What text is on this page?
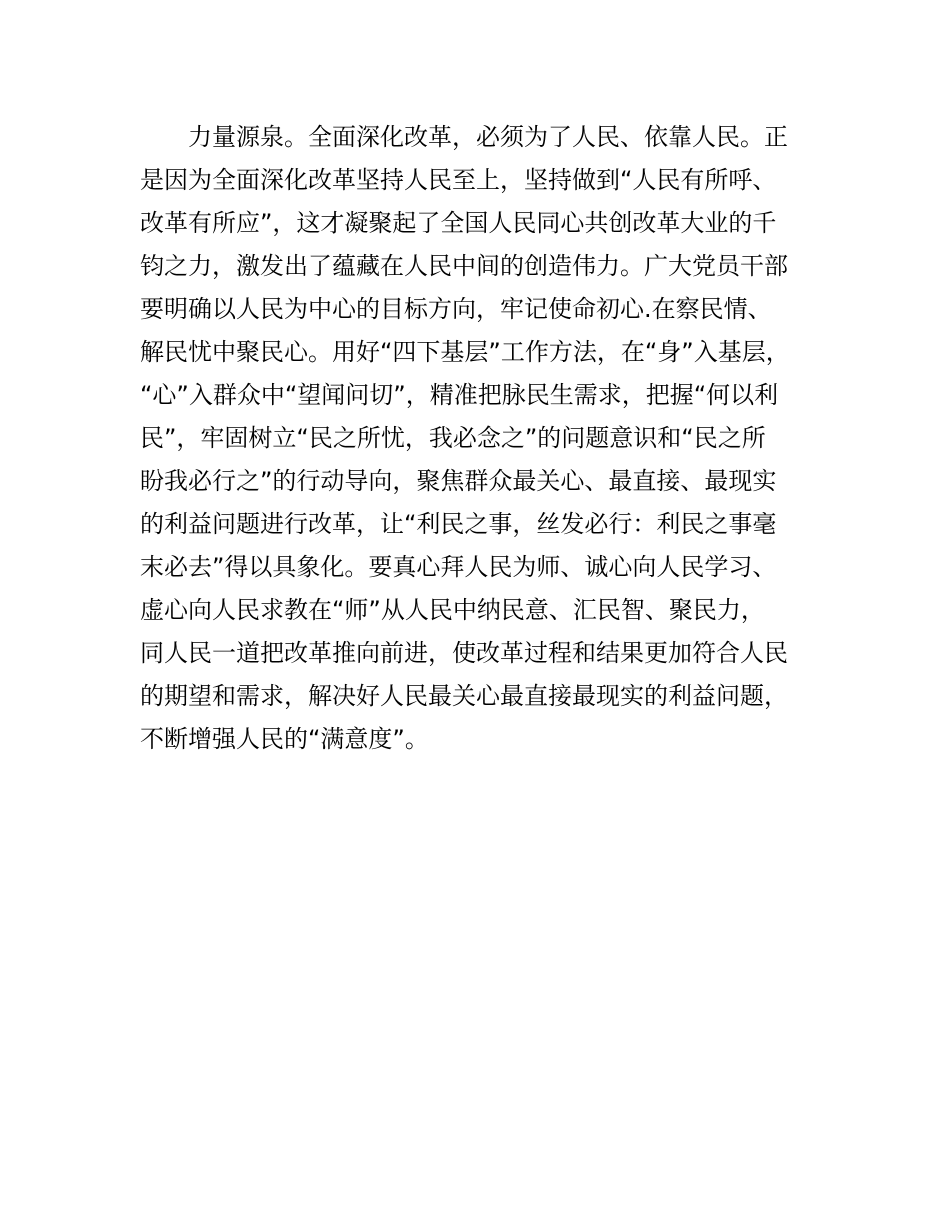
力量源泉。全面深化改革，必须为了人民、依靠人民。正
是因为全面深化改革坚持人民至上，坚持做到“人民有所呼、
改革有所应”，这才凝聚起了全国人民同心共创改革大业的千
钧之力，激发出了蕴藏在人民中间的创造伟力。广大党员干部
要明确以人民为中心的目标方向，牢记使命初心.在察民情、
解民忧中聚民心。用好“四下基层”工作方法，在“身”入基层，
“心”入群众中“望闻问切”，精准把脉民生需求，把握“何以利
民”，牢固树立“民之所忧，我必念之”的问题意识和“民之所
盼我必行之”的行动导向，聚焦群众最关心、最直接、最现实
的利益问题进行改革，让“利民之事，丝发必行：利民之事毫
末必去”得以具象化。要真心拜人民为师、诚心向人民学习、
虚心向人民求教在“师”从人民中纳民意、汇民智、聚民力，
同人民一道把改革推向前进，使改革过程和结果更加符合人民
的期望和需求，解决好人民最关心最直接最现实的利益问题，
不断增强人民的“满意度”。
